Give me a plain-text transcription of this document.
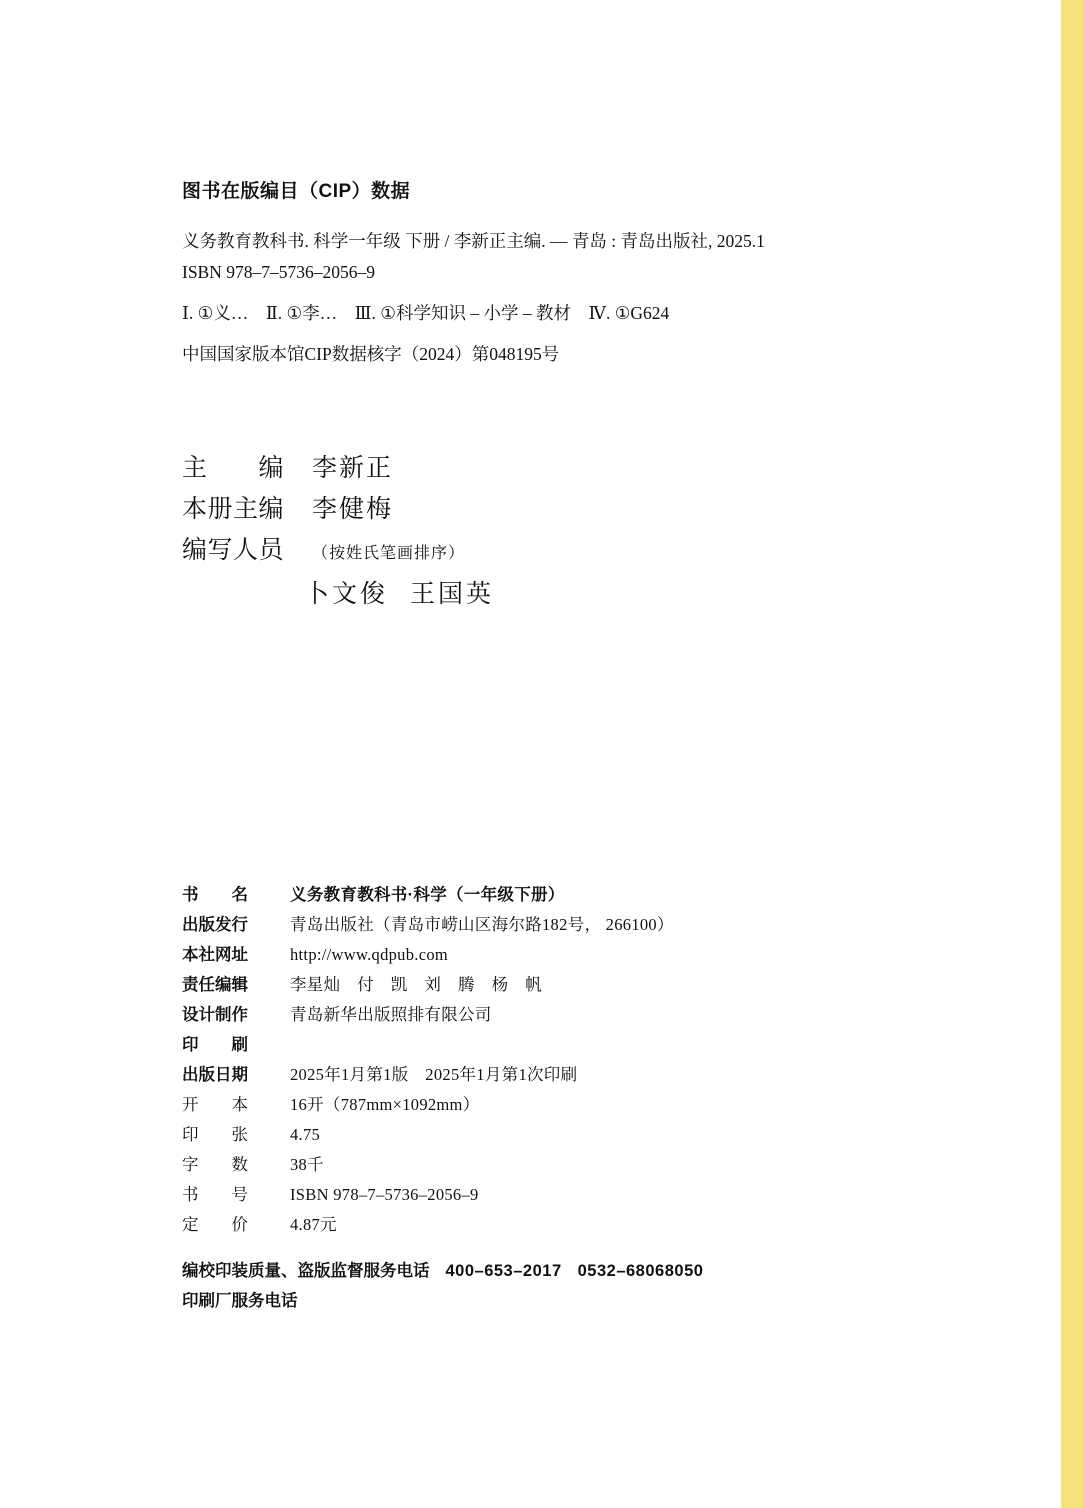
图书在版编目（CIP）数据
义务教育教科书. 科学一年级 下册 / 李新正主编. — 青岛 : 青岛出版社, 2025.1
ISBN 978–7–5736–2056–9
Ⅰ. ①义…　Ⅱ. ①李…　Ⅲ. ①科学知识 – 小学 – 教材　Ⅳ. ①G624
中国国家版本馆CIP数据核字（2024）第048195号
主　　编	李新正
本册主编	李健梅
编写人员	（按姓氏笔画排序）
卜文俊 王国英
书　　名	义务教育教科书·科学（一年级下册）
出版发行	青岛出版社（青岛市崂山区海尔路182号， 266100）
本社网址	http://www.qdpub.com
责任编辑	李星灿　付　凯　刘　腾　杨　帆
设计制作	青岛新华出版照排有限公司
印　　刷
出版日期	2025年1月第1版　2025年1月第1次印刷
开　　本	16开（787mm×1092mm）
印　　张	4.75
字　　数	38千
书　　号	ISBN 978–7–5736–2056–9
定　　价	4.87元
编校印装质量、盗版监督服务电话 400–653–2017 0532–68068050
印刷厂服务电话
